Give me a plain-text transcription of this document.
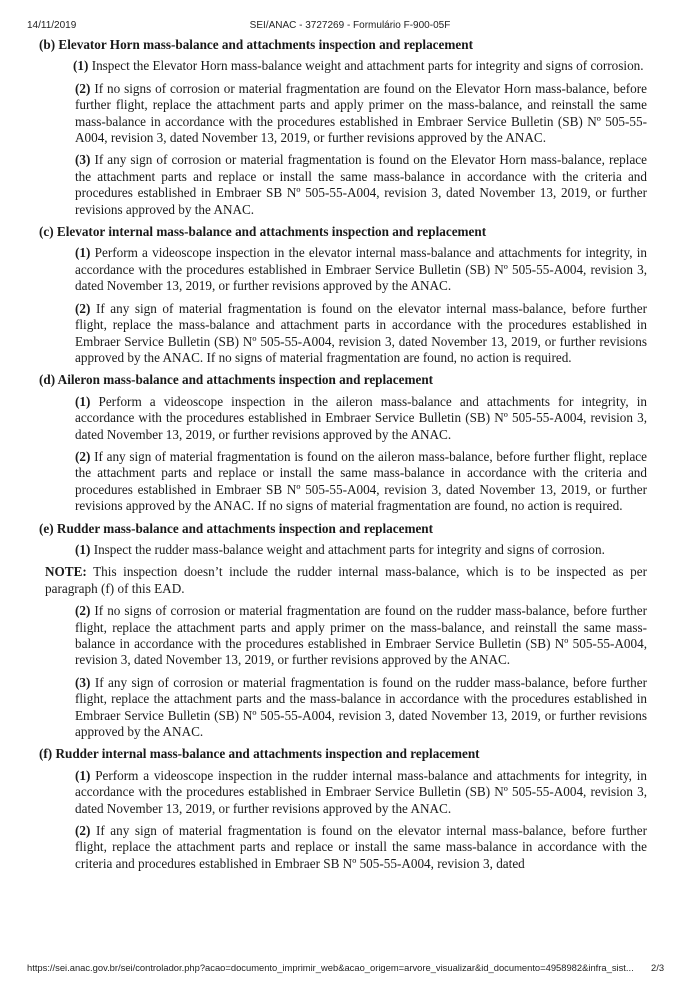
14/11/2019	SEI/ANAC - 3727269 - Formulário F-900-05F
(b) Elevator Horn mass-balance and attachments inspection and replacement

(1) Inspect the Elevator Horn mass-balance weight and attachment parts for integrity and signs of corrosion.

(2) If no signs of corrosion or material fragmentation are found on the Elevator Horn mass-balance, before further flight, replace the attachment parts and apply primer on the mass-balance, and reinstall the same mass-balance in accordance with the procedures established in Embraer Service Bulletin (SB) Nº 505-55-A004, revision 3, dated November 13, 2019, or further revisions approved by the ANAC.

(3) If any sign of corrosion or material fragmentation is found on the Elevator Horn mass-balance, replace the attachment parts and replace or install the same mass-balance in accordance with the criteria and procedures established in Embraer SB Nº 505-55-A004, revision 3, dated November 13, 2019, or further revisions approved by the ANAC.

(c) Elevator internal mass-balance and attachments inspection and replacement

(1) Perform a videoscope inspection in the elevator internal mass-balance and attachments for integrity, in accordance with the procedures established in Embraer Service Bulletin (SB) Nº 505-55-A004, revision 3, dated November 13, 2019, or further revisions approved by the ANAC.

(2) If any sign of material fragmentation is found on the elevator internal mass-balance, before further flight, replace the mass-balance and attachment parts in accordance with the procedures established in Embraer Service Bulletin (SB) Nº 505-55-A004, revision 3, dated November 13, 2019, or further revisions approved by the ANAC. If no signs of material fragmentation are found, no action is required.

(d) Aileron mass-balance and attachments inspection and replacement

(1) Perform a videoscope inspection in the aileron mass-balance and attachments for integrity, in accordance with the procedures established in Embraer Service Bulletin (SB) Nº 505-55-A004, revision 3, dated November 13, 2019, or further revisions approved by the ANAC.

(2) If any sign of material fragmentation is found on the aileron mass-balance, before further flight, replace the attachment parts and replace or install the same mass-balance in accordance with the criteria and procedures established in Embraer SB Nº 505-55-A004, revision 3, dated November 13, 2019, or further revisions approved by the ANAC. If no signs of material fragmentation are found, no action is required.

(e) Rudder mass-balance and attachments inspection and replacement

(1) Inspect the rudder mass-balance weight and attachment parts for integrity and signs of corrosion.

NOTE: This inspection doesn’t include the rudder internal mass-balance, which is to be inspected as per paragraph (f) of this EAD.

(2) If no signs of corrosion or material fragmentation are found on the rudder mass-balance, before further flight, replace the attachment parts and apply primer on the mass-balance, and reinstall the same mass-balance in accordance with the procedures established in Embraer Service Bulletin (SB) Nº 505-55-A004, revision 3, dated November 13, 2019, or further revisions approved by the ANAC.

(3) If any sign of corrosion or material fragmentation is found on the rudder mass-balance, before further flight, replace the attachment parts and the mass-balance in accordance with the procedures established in Embraer Service Bulletin (SB) Nº 505-55-A004, revision 3, dated November 13, 2019, or further revisions approved by the ANAC.

(f) Rudder internal mass-balance and attachments inspection and replacement

(1) Perform a videoscope inspection in the rudder internal mass-balance and attachments for integrity, in accordance with the procedures established in Embraer Service Bulletin (SB) Nº 505-55-A004, revision 3, dated November 13, 2019, or further revisions approved by the ANAC.

(2) If any sign of material fragmentation is found on the elevator internal mass-balance, before further flight, replace the attachment parts and replace or install the same mass-balance in accordance with the criteria and procedures established in Embraer SB Nº 505-55-A004, revision 3, dated

https://sei.anac.gov.br/sei/controlador.php?acao=documento_imprimir_web&acao_origem=arvore_visualizar&id_documento=4958982&infra_sist... 2/3
